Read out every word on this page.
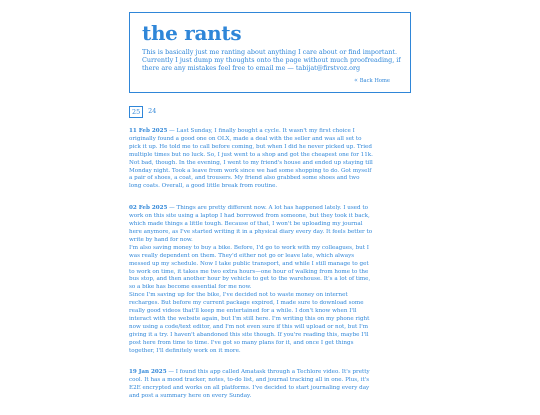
the rants

This is basically just me ranting about anything I care about or find important. Currently I just dump my thoughts onto the page without much proofreading, if there are any mistakes feel free to email me — tabijat@firstvoz.org

« Back Home
25	24
11 Feb 2025 — Last Sunday, I finally bought a cycle. It wasn't my first choice I originally found a good one on OLX, made a deal with the seller and was all set to pick it up. He told me to call before coming, but when I did he never picked up. Tried multiple times but no luck. So, I just went to a shop and got the cheapest one for 11k. Not bad, though. In the evening, I went to my friend's house and ended up staying till Monday night. Took a leave from work since we had some shopping to do. Got myself a pair of shoes, a coat, and trousers. My friend also grabbed some shoes and two long coats. Overall, a good little break from routine.
02 Feb 2025 — Things are pretty different now. A lot has happened lately. I used to work on this site using a laptop I had borrowed from someone, but they took it back, which made things a little tough. Because of that, I won't be uploading my journal here anymore, as I've started writing it in a physical diary every day. It feels better to write by hand for now.
I'm also saving money to buy a bike. Before, I'd go to work with my colleagues, but I was really dependent on them. They'd either not go or leave late, which always messed up my schedule. Now I take public transport, and while I still manage to get to work on time, it takes me two extra hours—one hour of walking from home to the bus stop, and then another hour by vehicle to get to the warehouse. It's a lot of time, so a bike has become essential for me now.
Since I'm saving up for the bike, I've decided not to waste money on internet recharges. But before my current package expired, I made sure to download some really good videos that'll keep me entertained for a while. I don't know when I'll interact with the website again, but I'm still here. I'm writing this on my phone right now using a code/text editor, and I'm not even sure if this will upload or not, but I'm giving it a try. I haven't abandoned this site though. If you're reading this, maybe I'll post here from time to time. I've got so many plans for it, and once I get things together, I'll definitely work on it more.
19 Jan 2025 — I found this app called Amatask through a Techlore video. It's pretty cool. It has a mood tracker, notes, to-do list, and journal tracking all in one. Plus, it's E2E encrypted and works on all platforms. I've decided to start journaling every day and post a summary here on every Sunday.
